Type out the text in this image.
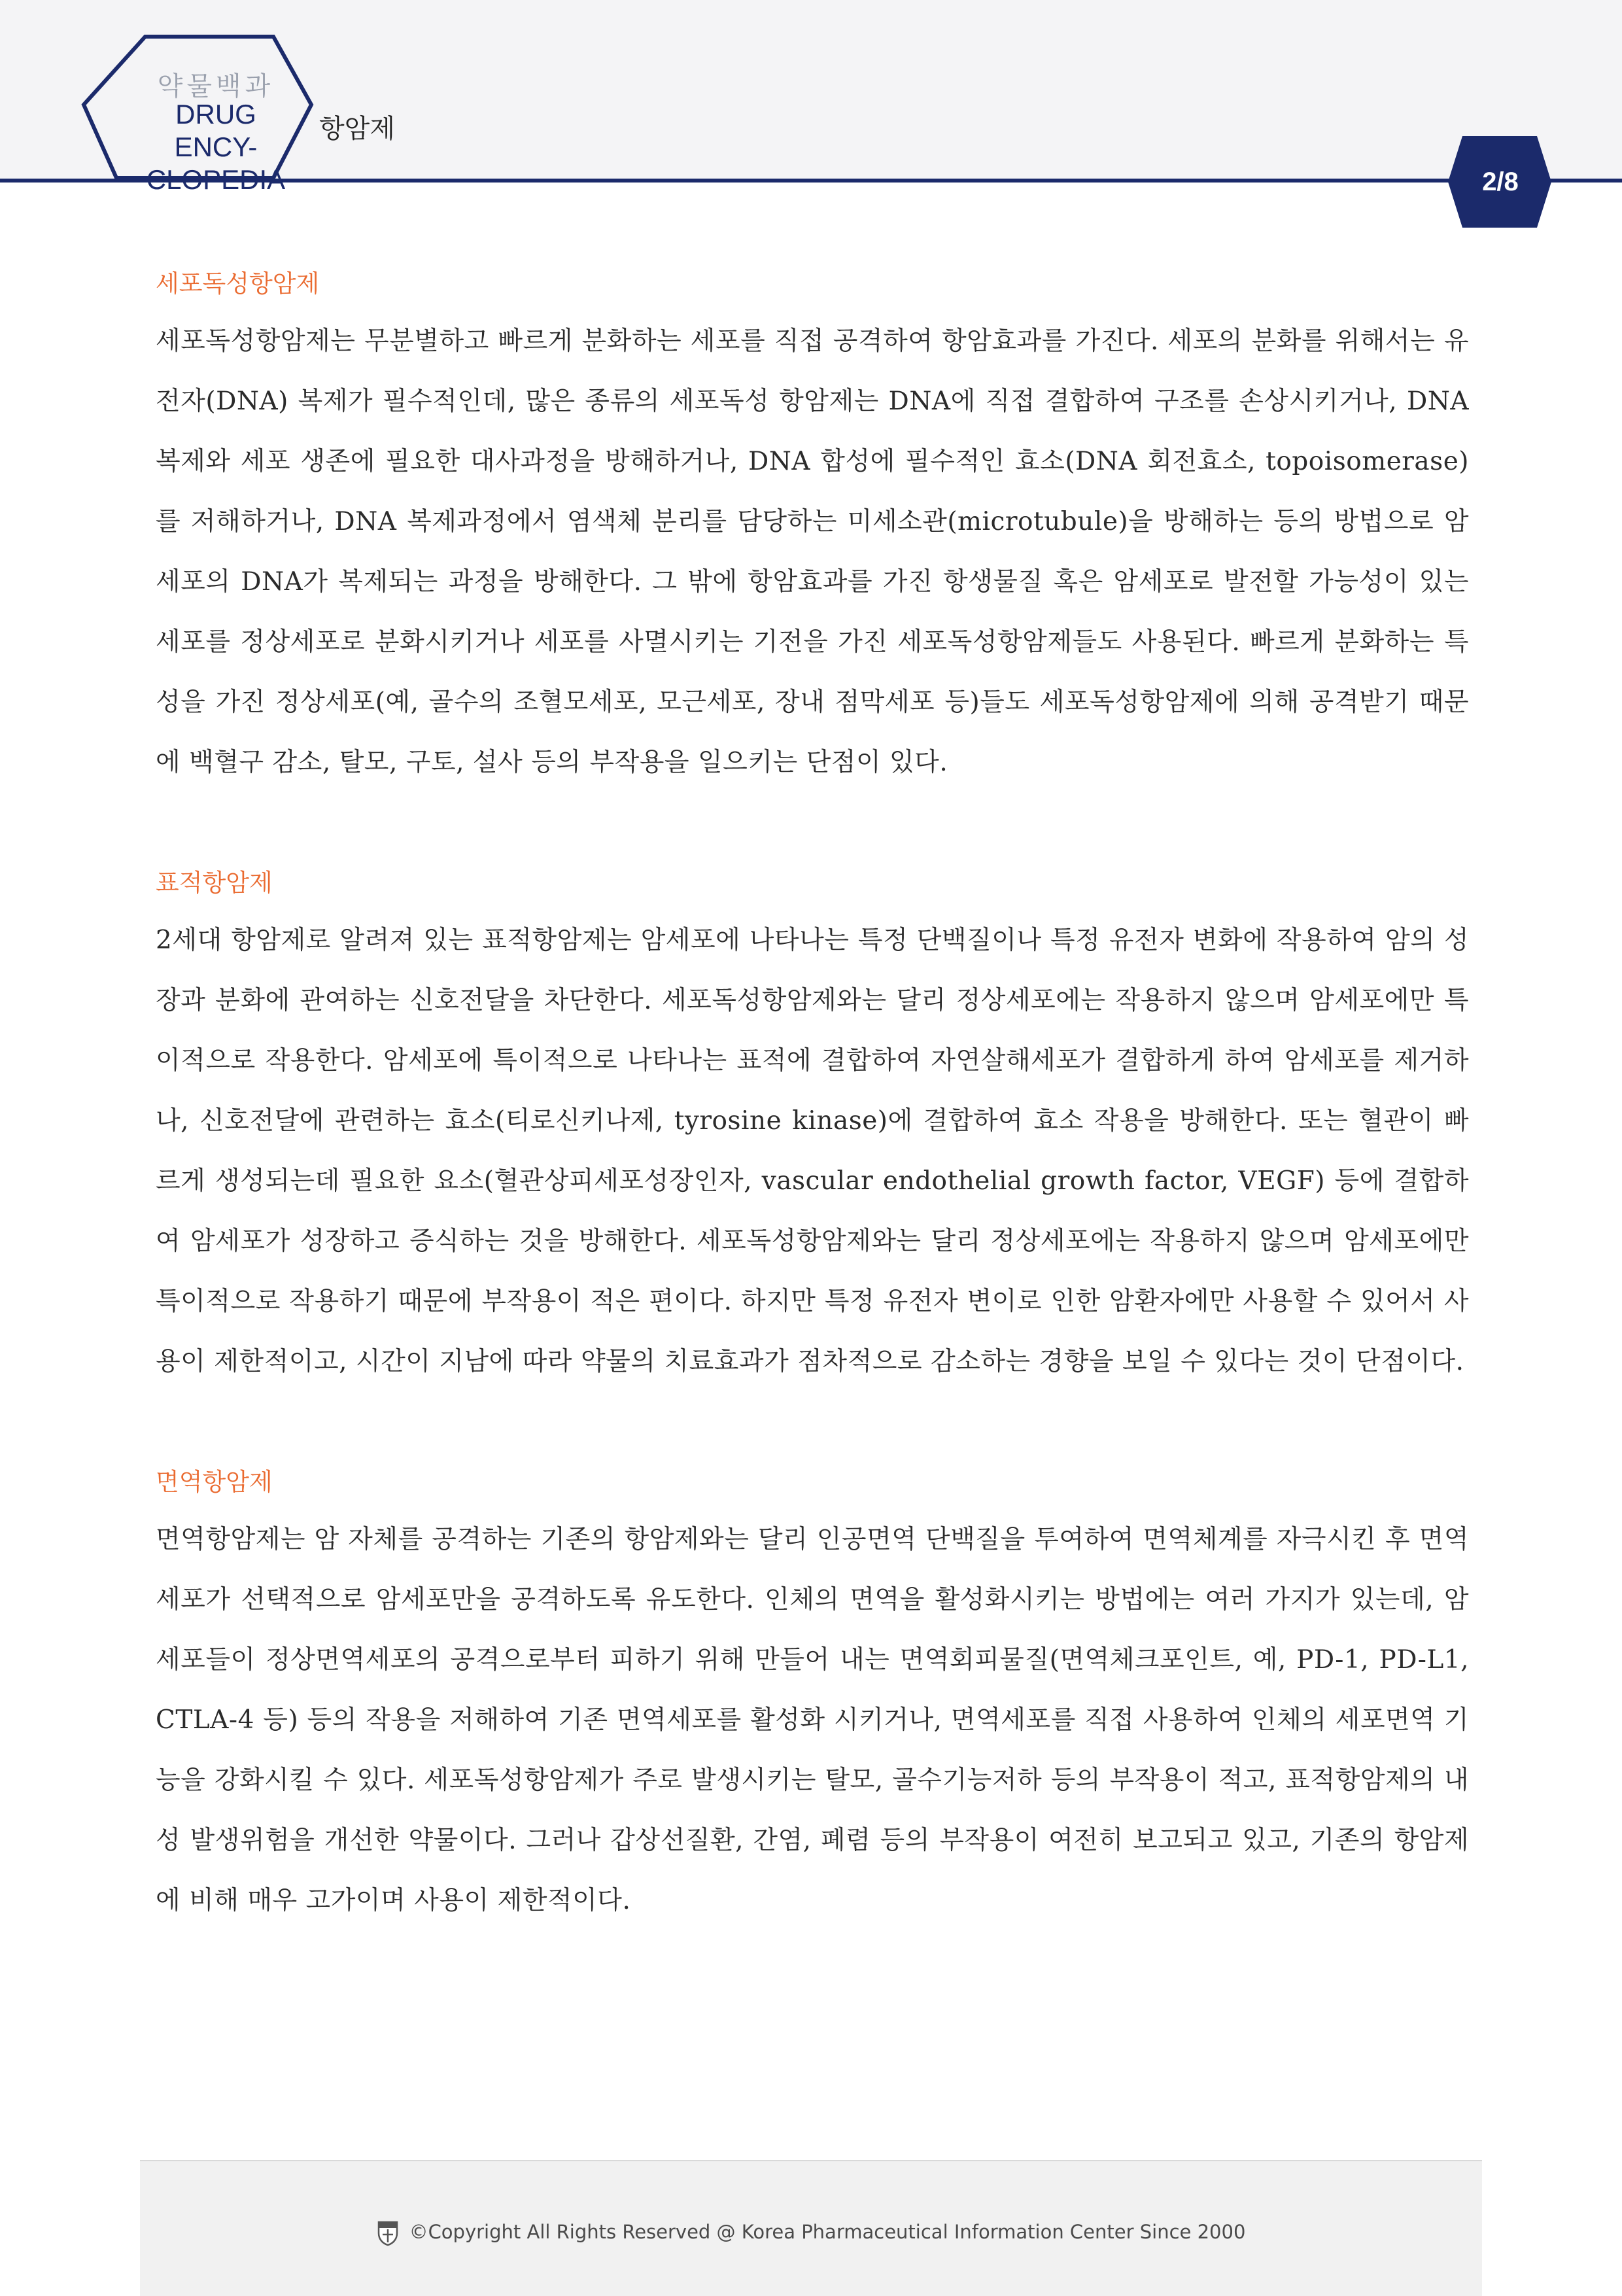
약물백과
DRUG ENCY-
CLOPEDIA
항암제
2/8
세포독성항암제

세포독성항암제는 무분별하고 빠르게 분화하는 세포를 직접 공격하여 항암효과를 가진다. 세포의 분화를 위해서는 유전자(DNA) 복제가 필수적인데, 많은 종류의 세포독성 항암제는 DNA에 직접 결합하여 구조를 손상시키거나, DNA 복제와 세포 생존에 필요한 대사과정을 방해하거나, DNA 합성에 필수적인 효소(DNA 회전효소, topoisomerase)를 저해하거나, DNA 복제과정에서 염색체 분리를 담당하는 미세소관(microtubule)을 방해하는 등의 방법으로 암세포의 DNA가 복제되는 과정을 방해한다. 그 밖에 항암효과를 가진 항생물질 혹은 암세포로 발전할 가능성이 있는 세포를 정상세포로 분화시키거나 세포를 사멸시키는 기전을 가진 세포독성항암제들도 사용된다. 빠르게 분화하는 특성을 가진 정상세포(예, 골수의 조혈모세포, 모근세포, 장내 점막세포 등)들도 세포독성항암제에 의해 공격받기 때문에 백혈구 감소, 탈모, 구토, 설사 등의 부작용을 일으키는 단점이 있다.

표적항암제

2세대 항암제로 알려져 있는 표적항암제는 암세포에 나타나는 특정 단백질이나 특정 유전자 변화에 작용하여 암의 성장과 분화에 관여하는 신호전달을 차단한다. 세포독성항암제와는 달리 정상세포에는 작용하지 않으며 암세포에만 특이적으로 작용한다. 암세포에 특이적으로 나타나는 표적에 결합하여 자연살해세포가 결합하게 하여 암세포를 제거하나, 신호전달에 관련하는 효소(티로신키나제, tyrosine kinase)에 결합하여 효소 작용을 방해한다. 또는 혈관이 빠르게 생성되는데 필요한 요소(혈관상피세포성장인자, vascular endothelial growth factor, VEGF) 등에 결합하여 암세포가 성장하고 증식하는 것을 방해한다. 세포독성항암제와는 달리 정상세포에는 작용하지 않으며 암세포에만 특이적으로 작용하기 때문에 부작용이 적은 편이다. 하지만 특정 유전자 변이로 인한 암환자에만 사용할 수 있어서 사용이 제한적이고, 시간이 지남에 따라 약물의 치료효과가 점차적으로 감소하는 경향을 보일 수 있다는 것이 단점이다.

면역항암제

면역항암제는 암 자체를 공격하는 기존의 항암제와는 달리 인공면역 단백질을 투여하여 면역체계를 자극시킨 후 면역세포가 선택적으로 암세포만을 공격하도록 유도한다. 인체의 면역을 활성화시키는 방법에는 여러 가지가 있는데, 암세포들이 정상면역세포의 공격으로부터 피하기 위해 만들어 내는 면역회피물질(면역체크포인트, 예, PD-1, PD-L1, CTLA-4 등) 등의 작용을 저해하여 기존 면역세포를 활성화 시키거나, 면역세포를 직접 사용하여 인체의 세포면역 기능을 강화시킬 수 있다. 세포독성항암제가 주로 발생시키는 탈모, 골수기능저하 등의 부작용이 적고, 표적항암제의 내성 발생위험을 개선한 약물이다. 그러나 갑상선질환, 간염, 폐렴 등의 부작용이 여전히 보고되고 있고, 기존의 항암제에 비해 매우 고가이며 사용이 제한적이다.

©Copyright All Rights Reserved @ Korea Pharmaceutical Information Center Since 2000
